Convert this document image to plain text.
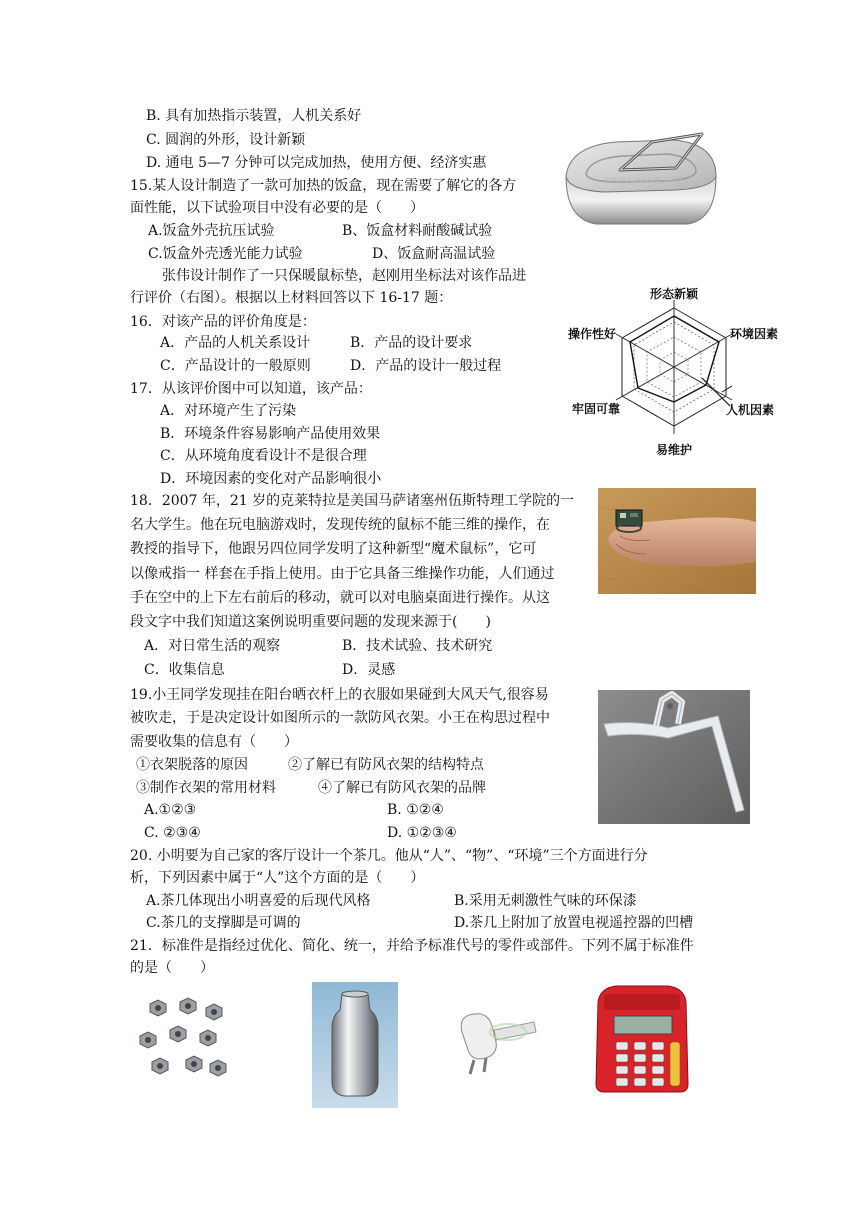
B. 具有加热指示装置，人机关系好
C. 圆润的外形，设计新颖
D. 通电 5—7 分钟可以完成加热，使用方便、经济实惠
15.某人设计制造了一款可加热的饭盒，现在需要了解它的各方
面性能，以下试验项目中没有必要的是（　　）
A.饭盒外壳抗压试验	B、饭盒材料耐酸碱试验
C.饭盒外壳透光能力试验	D、饭盒耐高温试验
张伟设计制作了一只保暖鼠标垫，赵刚用坐标法对该作品进
行评价（右图）。根据以上材料回答以下 16-17 题：
16．对该产品的评价角度是：
A．产品的人机关系设计	B．产品的设计要求
C．产品设计的一般原则	D．产品的设计一般过程
17．从该评价图中可以知道，该产品：
A．对环境产生了污染
B．环境条件容易影响产品使用效果
C．从环境角度看设计不是很合理
D．环境因素的变化对产品影响很小
18．2007 年，21 岁的克莱特拉是美国马萨诸塞州伍斯特理工学院的一
名大学生。他在玩电脑游戏时，发现传统的鼠标不能三维的操作，在
教授的指导下，他跟另四位同学发明了这种新型“魔术鼠标”，它可
以像戒指一 样套在手指上使用。由于它具备三维操作功能，人们通过
手在空中的上下左右前后的移动，就可以对电脑桌面进行操作。从这
段文字中我们知道这案例说明重要问题的发现来源于(　　)
A．对日常生活的观察	B．技术试验、技术研究
C．收集信息	D．灵感
19.小王同学发现挂在阳台晒衣杆上的衣服如果碰到大风天气,很容易
被吹走，于是决定设计如图所示的一款防风衣架。小王在构思过程中
需要收集的信息有（　　）
①衣架脱落的原因	②了解已有防风衣架的结构特点
③制作衣架的常用材料	④了解已有防风衣架的品牌
A.①②③	B. ①②④
C. ②③④	D. ①②③④
20. 小明要为自己家的客厅设计一个茶几。他从“人”、“物”、“环境”三个方面进行分
析，下列因素中属于“人”这个方面的是（　　）
A.茶几体现出小明喜爱的后现代风格	B.采用无刺激性气味的环保漆
C.茶几的支撑脚是可调的	D.茶几上附加了放置电视遥控器的凹槽
21．标准件是指经过优化、简化、统一，并给予标准代号的零件或部件。下列不属于标准件
的是（　　）
www.cauvee.com
形态新颖
环境因素
人机因素
易维护
牢固可靠
操作性好
